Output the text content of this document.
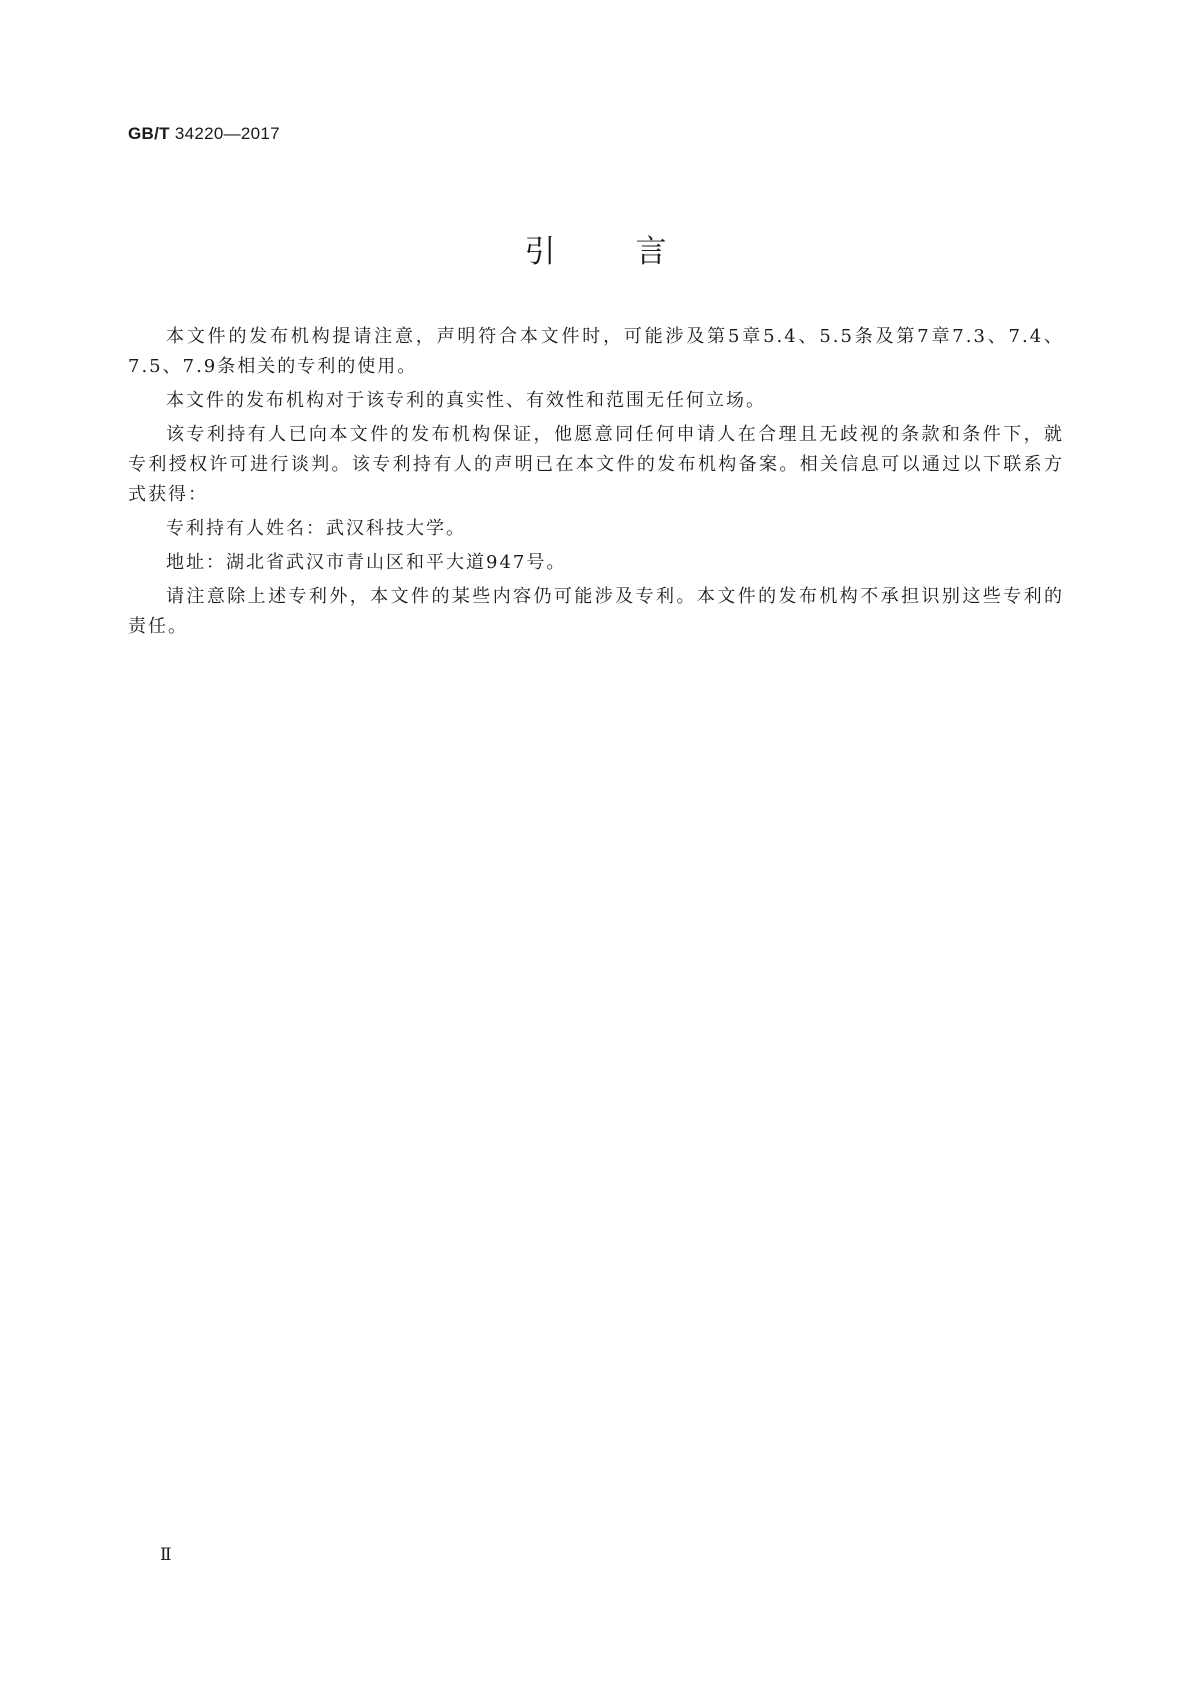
GB/T 34220—2017
引言

本文件的发布机构提请注意，声明符合本文件时，可能涉及第5章5.4、5.5条及第7章7.3、7.4、7.5、7.9条相关的专利的使用。

本文件的发布机构对于该专利的真实性、有效性和范围无任何立场。

该专利持有人已向本文件的发布机构保证，他愿意同任何申请人在合理且无歧视的条款和条件下，就专利授权许可进行谈判。该专利持有人的声明已在本文件的发布机构备案。相关信息可以通过以下联系方式获得：

专利持有人姓名：武汉科技大学。

地址：湖北省武汉市青山区和平大道947号。

请注意除上述专利外，本文件的某些内容仍可能涉及专利。本文件的发布机构不承担识别这些专利的责任。

Ⅱ
